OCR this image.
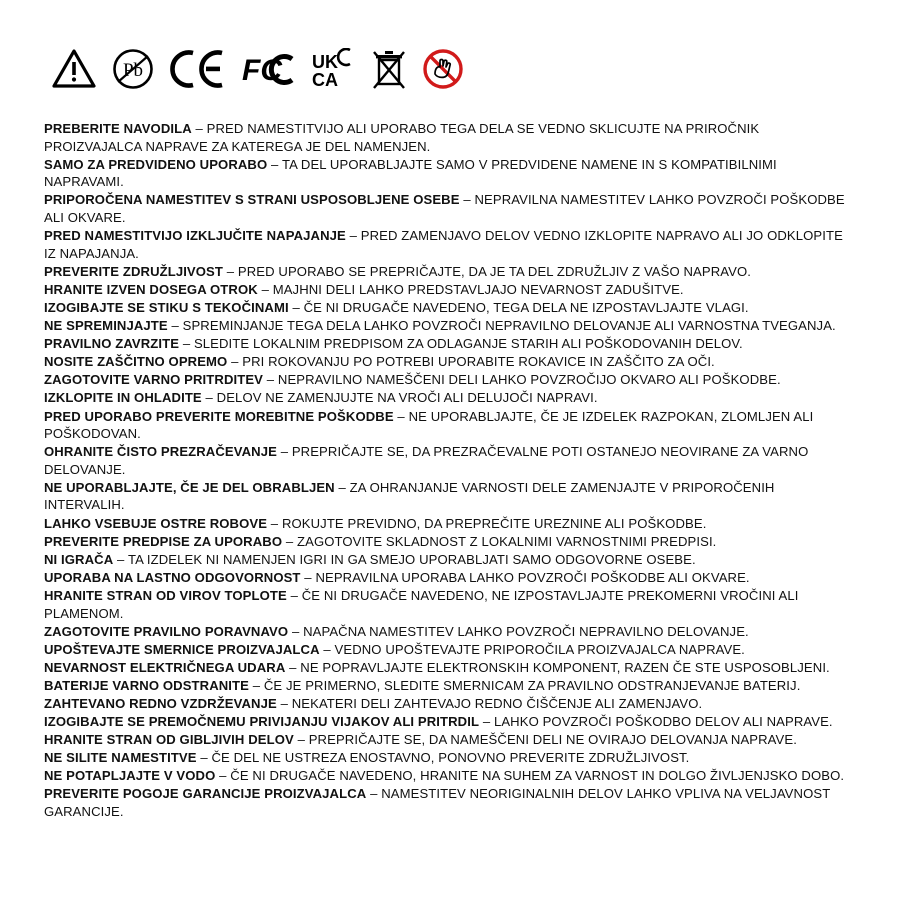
Pb	FC UK
CA
PREBERITE NAVODILA – PRED NAMESTITVIJO ALI UPORABO TEGA DELA SE VEDNO SKLICUJTE NA PRIROČNIK PROIZVAJALCA NAPRAVE ZA KATEREGA JE DEL NAMENJEN.
SAMO ZA PREDVIDENO UPORABO – TA DEL UPORABLJAJTE SAMO V PREDVIDENE NAMENE IN S KOMPATIBILNIMI NAPRAVAMI.
PRIPOROČENA NAMESTITEV S STRANI USPOSOBLJENE OSEBE – NEPRAVILNA NAMESTITEV LAHKO POVZROČI POŠKODBE ALI OKVARE.
PRED NAMESTITVIJO IZKLJUČITE NAPAJANJE – PRED ZAMENJAVO DELOV VEDNO IZKLOPITE NAPRAVO ALI JO ODKLOPITE IZ NAPAJANJA.
PREVERITE ZDRUŽLJIVOST – PRED UPORABO SE PREPRIČAJTE, DA JE TA DEL ZDRUŽLJIV Z VAŠO NAPRAVO.
HRANITE IZVEN DOSEGA OTROK – MAJHNI DELI LAHKO PREDSTAVLJAJO NEVARNOST ZADUŠITVE.
IZOGIBAJTE SE STIKU S TEKOČINAMI – ČE NI DRUGAČE NAVEDENO, TEGA DELA NE IZPOSTAVLJAJTE VLAGI.
NE SPREMINJAJTE – SPREMINJANJE TEGA DELA LAHKO POVZROČI NEPRAVILNO DELOVANJE ALI VARNOSTNA TVEGANJA.
PRAVILNO ZAVRZITE – SLEDITE LOKALNIM PREDPISOM ZA ODLAGANJE STARIH ALI POŠKODOVANIH DELOV.
NOSITE ZAŠČITNO OPREMO – PRI ROKOVANJU PO POTREBI UPORABITE ROKAVICE IN ZAŠČITO ZA OČI.
ZAGOTOVITE VARNO PRITRDITEV – NEPRAVILNO NAMEŠČENI DELI LAHKO POVZROČIJO OKVARO ALI POŠKODBE.
IZKLOPITE IN OHLADITE – DELOV NE ZAMENJUJTE NA VROČI ALI DELUJOČI NAPRAVI.
PRED UPORABO PREVERITE MOREBITNE POŠKODBE – NE UPORABLJAJTE, ČE JE IZDELEK RAZPOKAN, ZLOMLJEN ALI POŠKODOVAN.
OHRANITE ČISTO PREZRAČEVANJE – PREPRIČAJTE SE, DA PREZRAČEVALNE POTI OSTANEJO NEOVIRANE ZA VARNO DELOVANJE.
NE UPORABLJAJTE, ČE JE DEL OBRABLJEN – ZA OHRANJANJE VARNOSTI DELE ZAMENJAJTE V PRIPOROČENIH INTERVALIH.
LAHKO VSEBUJE OSTRE ROBOVE – ROKUJTE PREVIDNO, DA PREPREČITE UREZNINE ALI POŠKODBE.
PREVERITE PREDPISE ZA UPORABO – ZAGOTOVITE SKLADNOST Z LOKALNIMI VARNOSTNIMI PREDPISI.
NI IGRAČA – TA IZDELEK NI NAMENJEN IGRI IN GA SMEJO UPORABLJATI SAMO ODGOVORNE OSEBE.
UPORABA NA LASTNO ODGOVORNOST – NEPRAVILNA UPORABA LAHKO POVZROČI POŠKODBE ALI OKVARE.
HRANITE STRAN OD VIROV TOPLOTE – ČE NI DRUGAČE NAVEDENO, NE IZPOSTAVLJAJTE PREKOMERNI VROČINI ALI PLAMENOM.
ZAGOTOVITE PRAVILNO PORAVNAVO – NAPAČNA NAMESTITEV LAHKO POVZROČI NEPRAVILNO DELOVANJE.
UPOŠTEVAJTE SMERNICE PROIZVAJALCA – VEDNO UPOŠTEVAJTE PRIPOROČILA PROIZVAJALCA NAPRAVE.
NEVARNOST ELEKTRIČNEGA UDARA – NE POPRAVLJAJTE ELEKTRONSKIH KOMPONENT, RAZEN ČE STE USPOSOBLJENI.
BATERIJE VARNO ODSTRANITE – ČE JE PRIMERNO, SLEDITE SMERNICAM ZA PRAVILNO ODSTRANJEVANJE BATERIJ.
ZAHTEVANO REDNO VZDRŽEVANJE – NEKATERI DELI ZAHTEVAJO REDNO ČIŠČENJE ALI ZAMENJAVO.
IZOGIBAJTE SE PREMOČNEMU PRIVIJANJU VIJAKOV ALI PRITRDIL – LAHKO POVZROČI POŠKODBO DELOV ALI NAPRAVE.
HRANITE STRAN OD GIBLJIVIH DELOV – PREPRIČAJTE SE, DA NAMEŠČENI DELI NE OVIRAJO DELOVANJA NAPRAVE.
NE SILITE NAMESTITVE – ČE DEL NE USTREZA ENOSTAVNO, PONOVNO PREVERITE ZDRUŽLJIVOST.
NE POTAPLJAJTE V VODO – ČE NI DRUGAČE NAVEDENO, HRANITE NA SUHEM ZA VARNOST IN DOLGO ŽIVLJENJSKO DOBO.
PREVERITE POGOJE GARANCIJE PROIZVAJALCA – NAMESTITEV NEORIGINALNIH DELOV LAHKO VPLIVA NA VELJAVNOST GARANCIJE.
